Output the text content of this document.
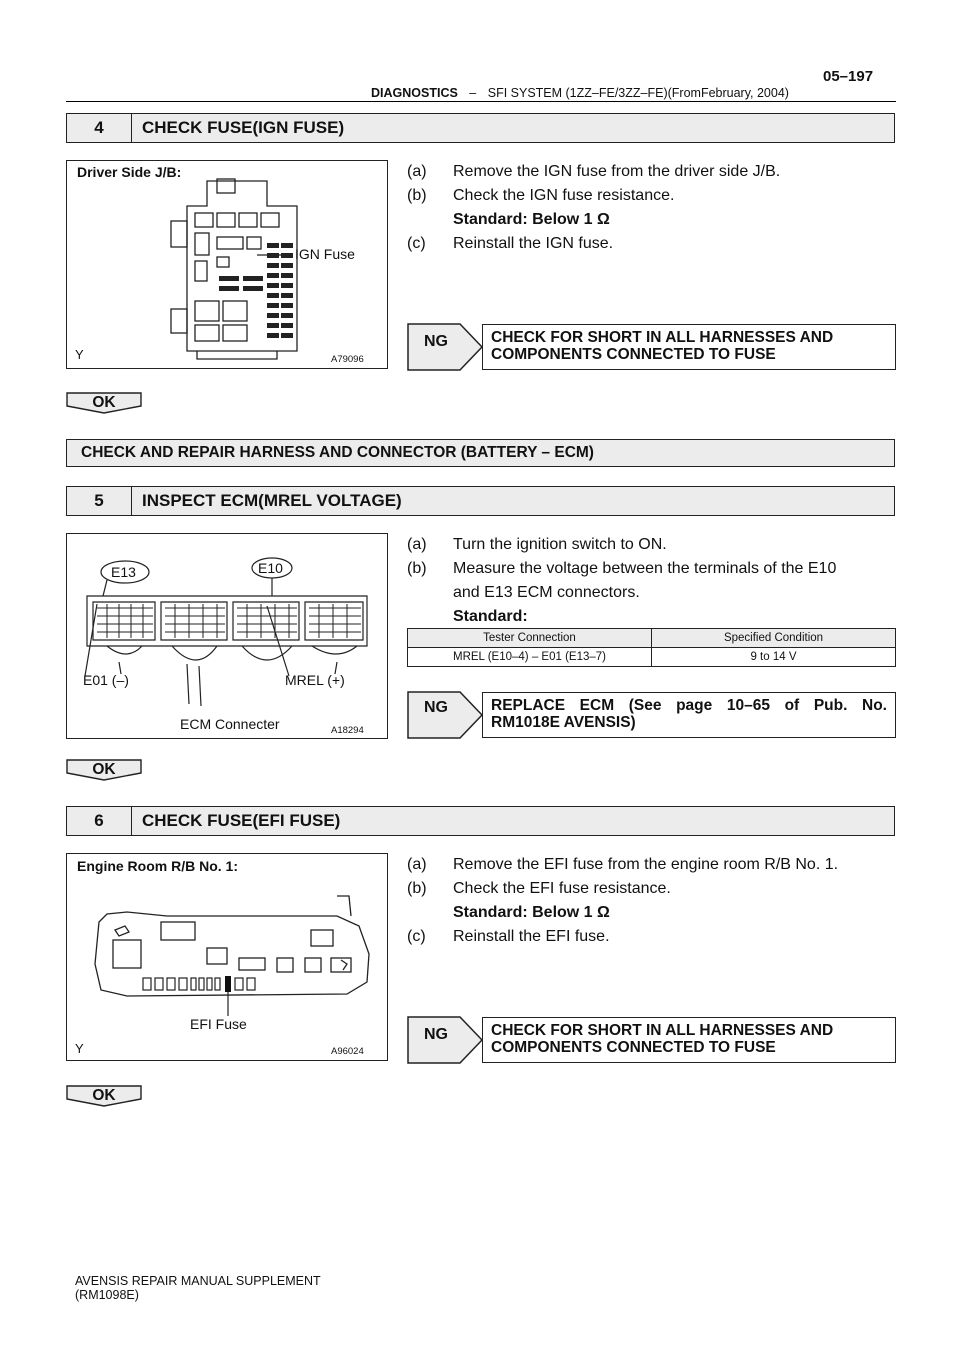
05–197
DIAGNOSTICS – SFI SYSTEM (1ZZ–FE/3ZZ–FE)(FromFebruary, 2004)
4	CHECK FUSE(IGN FUSE)
Driver Side J/B:
IGN Fuse
Y	A79096
(a) Remove the IGN fuse from the driver side J/B.
(b) Check the IGN fuse resistance.
Standard: Below 1 Ω
(c) Reinstall the IGN fuse.
NG	CHECK FOR SHORT IN ALL HARNESSES AND
COMPONENTS CONNECTED TO FUSE
OK
CHECK AND REPAIR HARNESS AND CONNECTOR (BATTERY – ECM)
5	INSPECT ECM(MREL VOLTAGE)
E13	E10
E01 (–)	MREL (+)
ECM Connecter	A18294
(a) Turn the ignition switch to ON.
(b) Measure the voltage between the terminals of the E10
and E13 ECM connectors.
Standard:
Tester Connection	Specified Condition
MREL (E10–4) – E01 (E13–7)	9 to 14 V
NG	REPLACE ECM (See page 10–65 of Pub. No.
RM1018E AVENSIS)
OK
6	CHECK FUSE(EFI FUSE)
Engine Room R/B No. 1:
EFI Fuse
Y	A96024
(a) Remove the EFI fuse from the engine room R/B No. 1.
(b) Check the EFI fuse resistance.
Standard: Below 1 Ω
(c) Reinstall the EFI fuse.
NG	CHECK FOR SHORT IN ALL HARNESSES AND
COMPONENTS CONNECTED TO FUSE
OK
AVENSIS REPAIR MANUAL SUPPLEMENT
(RM1098E)
